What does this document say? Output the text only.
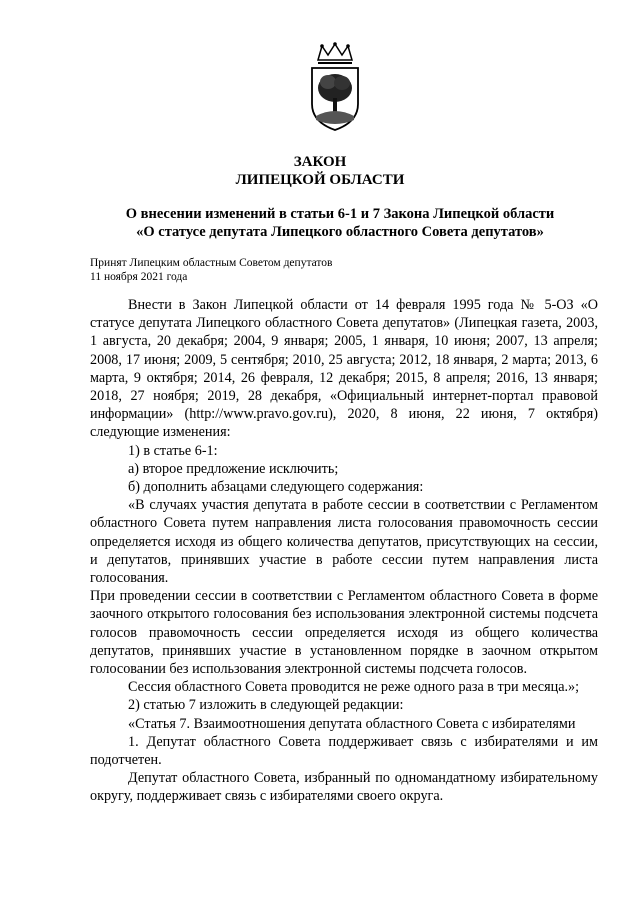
ЗАКОН
ЛИПЕЦКОЙ ОБЛАСТИ
О внесении изменений в статьи 6-1 и 7 Закона Липецкой области
«О статусе депутата Липецкого областного Совета депутатов»
Принят Липецким областным Советом депутатов
11 ноября 2021 года

Внести в Закон Липецкой области от 14 февраля 1995 года № 5-ОЗ «О статусе депутата Липецкого областного Совета депутатов» (Липецкая газета, 2003, 1 августа, 20 декабря; 2004, 9 января; 2005, 1 января, 10 июня; 2007, 13 апреля; 2008, 17 июня; 2009, 5 сентября; 2010, 25 августа; 2012, 18 января, 2 марта; 2013, 6 марта, 9 октября; 2014, 26 февраля, 12 декабря; 2015, 8 апреля; 2016, 13 января; 2018, 27 ноября; 2019, 28 декабря, «Официальный интернет-портал правовой информации» (http://www.pravo.gov.ru), 2020, 8 июня, 22 июня, 7 октября) следующие изменения:

1) в статье 6-1:

а) второе предложение исключить;

б) дополнить абзацами следующего содержания:

«В случаях участия депутата в работе сессии в соответствии с Регламентом областного Совета путем направления листа голосования правомочность сессии определяется исходя из общего количества депутатов, присутствующих на сессии, и депутатов, принявших участие в работе сессии путем направления листа голосования.

При проведении сессии в соответствии с Регламентом областного Совета в форме заочного открытого голосования без использования электронной системы подсчета голосов правомочность сессии определяется исходя из общего количества депутатов, принявших участие в установленном порядке в заочном открытом голосовании без использования электронной системы подсчета голосов.

Сессия областного Совета проводится не реже одного раза в три месяца.»;

2) статью 7 изложить в следующей редакции:

«Статья 7. Взаимоотношения депутата областного Совета с избирателями

1. Депутат областного Совета поддерживает связь с избирателями и им подотчетен.

Депутат областного Совета, избранный по одномандатному избирательному округу, поддерживает связь с избирателями своего округа.
